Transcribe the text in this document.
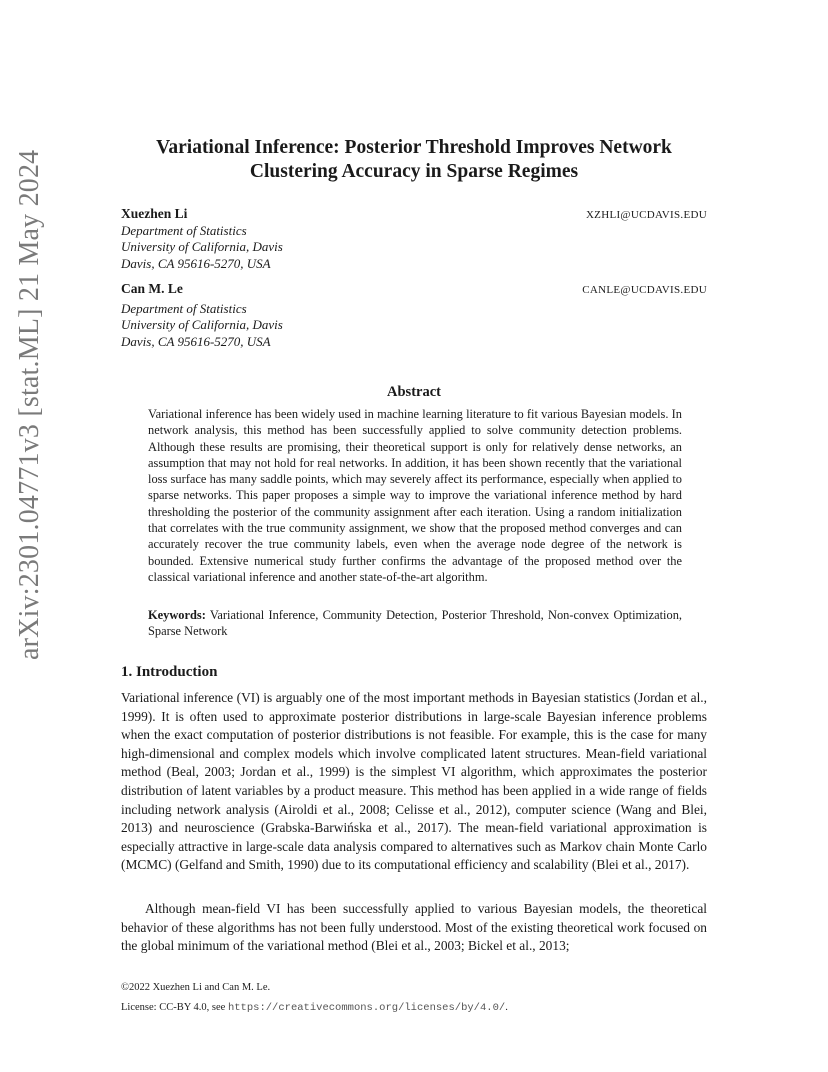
arXiv:2301.04771v3 [stat.ML] 21 May 2024
Variational Inference: Posterior Threshold Improves Network Clustering Accuracy in Sparse Regimes
Xuezhen Li	XZHLI@UCDAVIS.EDU
Department of Statistics
University of California, Davis
Davis, CA 95616-5270, USA
Can M. Le	CANLE@UCDAVIS.EDU
Department of Statistics
University of California, Davis
Davis, CA 95616-5270, USA
Abstract
Variational inference has been widely used in machine learning literature to fit various Bayesian models. In network analysis, this method has been successfully applied to solve community detection problems. Although these results are promising, their theoretical support is only for relatively dense networks, an assumption that may not hold for real networks. In addition, it has been shown recently that the variational loss surface has many saddle points, which may severely affect its performance, especially when applied to sparse networks. This paper proposes a simple way to improve the variational inference method by hard thresholding the posterior of the community assignment after each iteration. Using a random initialization that correlates with the true community assignment, we show that the proposed method converges and can accurately recover the true community labels, even when the average node degree of the network is bounded. Extensive numerical study further confirms the advantage of the proposed method over the classical variational inference and another state-of-the-art algorithm.
Keywords: Variational Inference, Community Detection, Posterior Threshold, Non-convex Optimization, Sparse Network
1. Introduction
Variational inference (VI) is arguably one of the most important methods in Bayesian statistics (Jordan et al., 1999). It is often used to approximate posterior distributions in large-scale Bayesian inference problems when the exact computation of posterior distributions is not feasible. For example, this is the case for many high-dimensional and complex models which involve complicated latent structures. Mean-field variational method (Beal, 2003; Jordan et al., 1999) is the simplest VI algorithm, which approximates the posterior distribution of latent variables by a product measure. This method has been applied in a wide range of fields including network analysis (Airoldi et al., 2008; Celisse et al., 2012), computer science (Wang and Blei, 2013) and neuroscience (Grabska-Barwińska et al., 2017). The mean-field variational approximation is especially attractive in large-scale data analysis compared to alternatives such as Markov chain Monte Carlo (MCMC) (Gelfand and Smith, 1990) due to its computational efficiency and scalability (Blei et al., 2017).
Although mean-field VI has been successfully applied to various Bayesian models, the theoretical behavior of these algorithms has not been fully understood. Most of the existing theoretical work focused on the global minimum of the variational method (Blei et al., 2003; Bickel et al., 2013;
©2022 Xuezhen Li and Can M. Le.
License: CC-BY 4.0, see https://creativecommons.org/licenses/by/4.0/.
